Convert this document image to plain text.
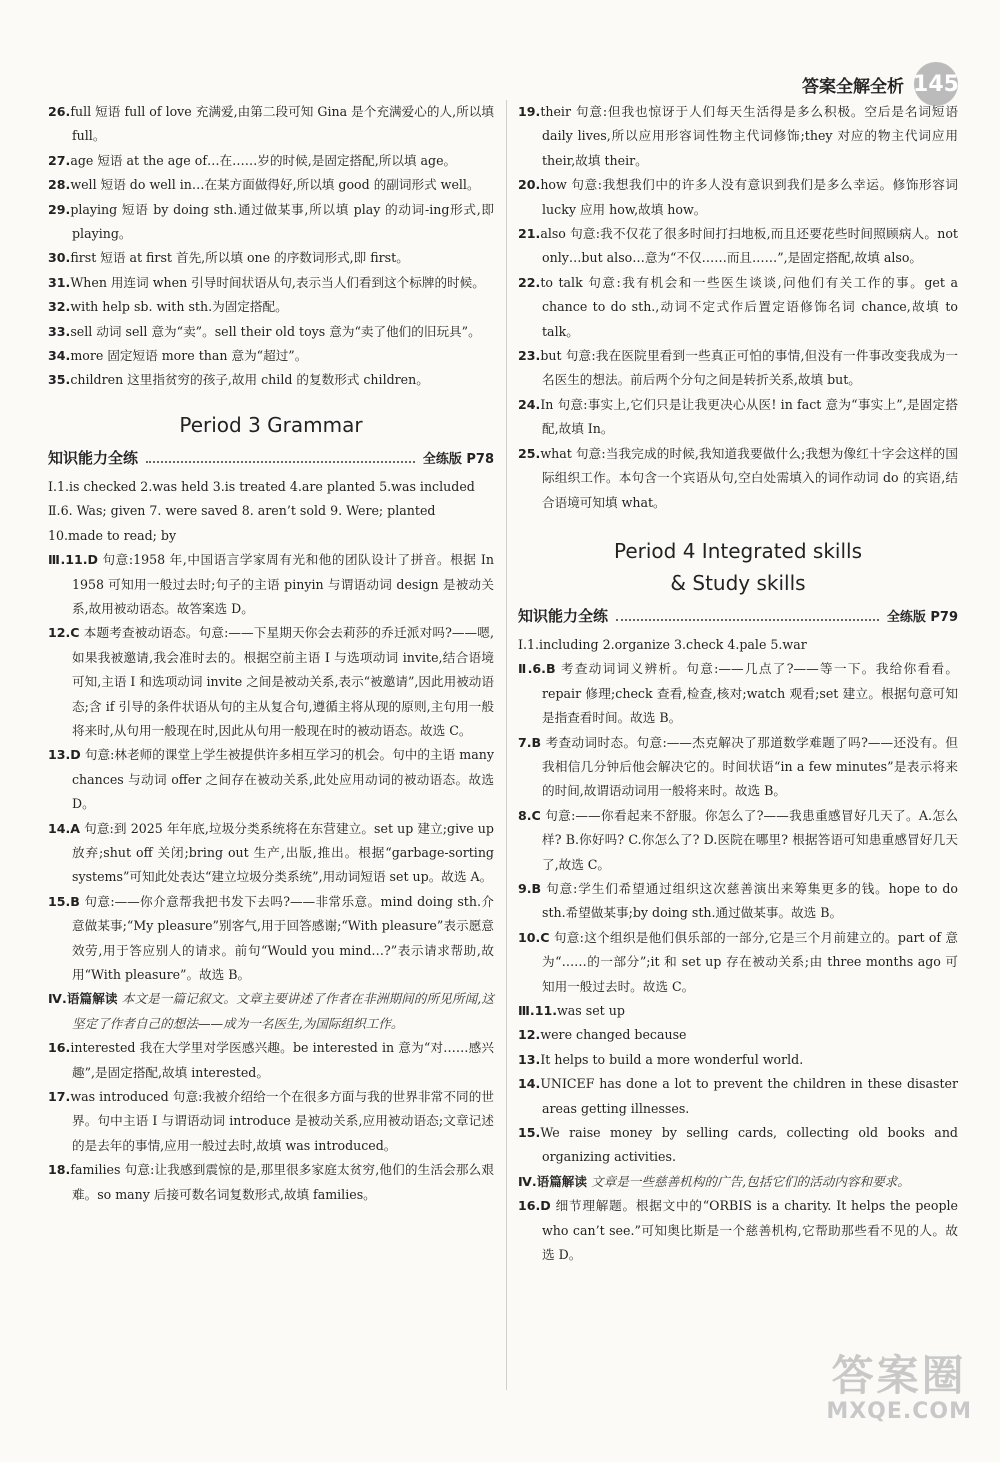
答案全解全析 145

26.full 短语 full of love 充满爱,由第二段可知 Gina 是个充满爱心的人,所以填 full。

27.age 短语 at the age of…在……岁的时候,是固定搭配,所以填 age。

28.well 短语 do well in…在某方面做得好,所以填 good 的副词形式 well。

29.playing 短语 by doing sth.通过做某事,所以填 play 的动词-ing形式,即 playing。

30.first 短语 at first 首先,所以填 one 的序数词形式,即 first。

31.When 用连词 when 引导时间状语从句,表示当人们看到这个标牌的时候。

32.with help sb. with sth.为固定搭配。

33.sell 动词 sell 意为“卖”。sell their old toys 意为“卖了他们的旧玩具”。

34.more 固定短语 more than 意为“超过”。

35.children 这里指贫穷的孩子,故用 child 的复数形式 children。

Period 3 Grammar
知识能力全练	全练版 P78

Ⅰ.1.is checked 2.was held 3.is treated 4.are planted 5.was included

Ⅱ.6. Was; given 7. were saved 8. aren’t sold 9. Were; planted

10.made to read; by

Ⅲ.11.D 句意:1958 年,中国语言学家周有光和他的团队设计了拼音。根据 In 1958 可知用一般过去时;句子的主语 pinyin 与谓语动词 design 是被动关系,故用被动语态。故答案选 D。

12.C 本题考查被动语态。句意:——下星期天你会去莉莎的乔迁派对吗?——嗯,如果我被邀请,我会准时去的。根据空前主语 I 与选项动词 invite,结合语境可知,主语 I 和选项动词 invite 之间是被动关系,表示“被邀请”,因此用被动语态;含 if 引导的条件状语从句的主从复合句,遵循主将从现的原则,主句用一般将来时,从句用一般现在时,因此从句用一般现在时的被动语态。故选 C。

13.D 句意:林老师的课堂上学生被提供许多相互学习的机会。句中的主语 many chances 与动词 offer 之间存在被动关系,此处应用动词的被动语态。故选 D。

14.A 句意:到 2025 年年底,垃圾分类系统将在东营建立。set up 建立;give up 放弃;shut off 关闭;bring out 生产,出版,推出。根据“garbage-sorting systems”可知此处表达“建立垃圾分类系统”,用动词短语 set up。故选 A。

15.B 句意:——你介意帮我把书发下去吗?——非常乐意。mind doing sth.介意做某事;“My pleasure”别客气,用于回答感谢;“With pleasure”表示愿意效劳,用于答应别人的请求。前句“Would you mind…?”表示请求帮助,故用“With pleasure”。故选 B。

Ⅳ.语篇解读 本文是一篇记叙文。文章主要讲述了作者在非洲期间的所见所闻,这坚定了作者自己的想法——成为一名医生,为国际组织工作。

16.interested 我在大学里对学医感兴趣。be interested in 意为“对……感兴趣”,是固定搭配,故填 interested。

17.was introduced 句意:我被介绍给一个在很多方面与我的世界非常不同的世界。句中主语 I 与谓语动词 introduce 是被动关系,应用被动语态;文章记述的是去年的事情,应用一般过去时,故填 was introduced。

18.families 句意:让我感到震惊的是,那里很多家庭太贫穷,他们的生活会那么艰难。so many 后接可数名词复数形式,故填 families。

19.their 句意:但我也惊讶于人们每天生活得是多么积极。空后是名词短语 daily lives,所以应用形容词性物主代词修饰;they 对应的物主代词应用 their,故填 their。

20.how 句意:我想我们中的许多人没有意识到我们是多么幸运。修饰形容词 lucky 应用 how,故填 how。

21.also 句意:我不仅花了很多时间打扫地板,而且还要花些时间照顾病人。not only…but also…意为“不仅……而且……”,是固定搭配,故填 also。

22.to talk 句意:我有机会和一些医生谈谈,问他们有关工作的事。get a chance to do sth.,动词不定式作后置定语修饰名词 chance,故填 to talk。

23.but 句意:我在医院里看到一些真正可怕的事情,但没有一件事改变我成为一名医生的想法。前后两个分句之间是转折关系,故填 but。

24.In 句意:事实上,它们只是让我更决心从医! in fact 意为“事实上”,是固定搭配,故填 In。

25.what 句意:当我完成的时候,我知道我要做什么;我想为像红十字会这样的国际组织工作。本句含一个宾语从句,空白处需填入的词作动词 do 的宾语,结合语境可知填 what。

Period 4 Integrated skills
& Study skills
知识能力全练	全练版 P79

Ⅰ.1.including 2.organize 3.check 4.pale 5.war

Ⅱ.6.B 考查动词词义辨析。句意:——几点了?——等一下。我给你看看。repair 修理;check 查看,检查,核对;watch 观看;set 建立。根据句意可知是指查看时间。故选 B。

7.B 考查动词时态。句意:——杰克解决了那道数学难题了吗?——还没有。但我相信几分钟后他会解决它的。时间状语“in a few minutes”是表示将来的时间,故谓语动词用一般将来时。故选 B。

8.C 句意:——你看起来不舒服。你怎么了?——我患重感冒好几天了。A.怎么样? B.你好吗? C.你怎么了? D.医院在哪里? 根据答语可知患重感冒好几天了,故选 C。

9.B 句意:学生们希望通过组织这次慈善演出来筹集更多的钱。hope to do sth.希望做某事;by doing sth.通过做某事。故选 B。

10.C 句意:这个组织是他们俱乐部的一部分,它是三个月前建立的。part of 意为“……的一部分”;it 和 set up 存在被动关系;由 three months ago 可知用一般过去时。故选 C。

Ⅲ.11.was set up

12.were changed because

13.It helps to build a more wonderful world.

14.UNICEF has done a lot to prevent the children in these disaster areas getting illnesses.

15.We raise money by selling cards, collecting old books and organizing activities.

Ⅳ.语篇解读 文章是一些慈善机构的广告,包括它们的活动内容和要求。

16.D 细节理解题。根据文中的“ORBIS is a charity. It helps the people who can’t see.”可知奥比斯是一个慈善机构,它帮助那些看不见的人。故选 D。

答案圈
MXQE.COM
